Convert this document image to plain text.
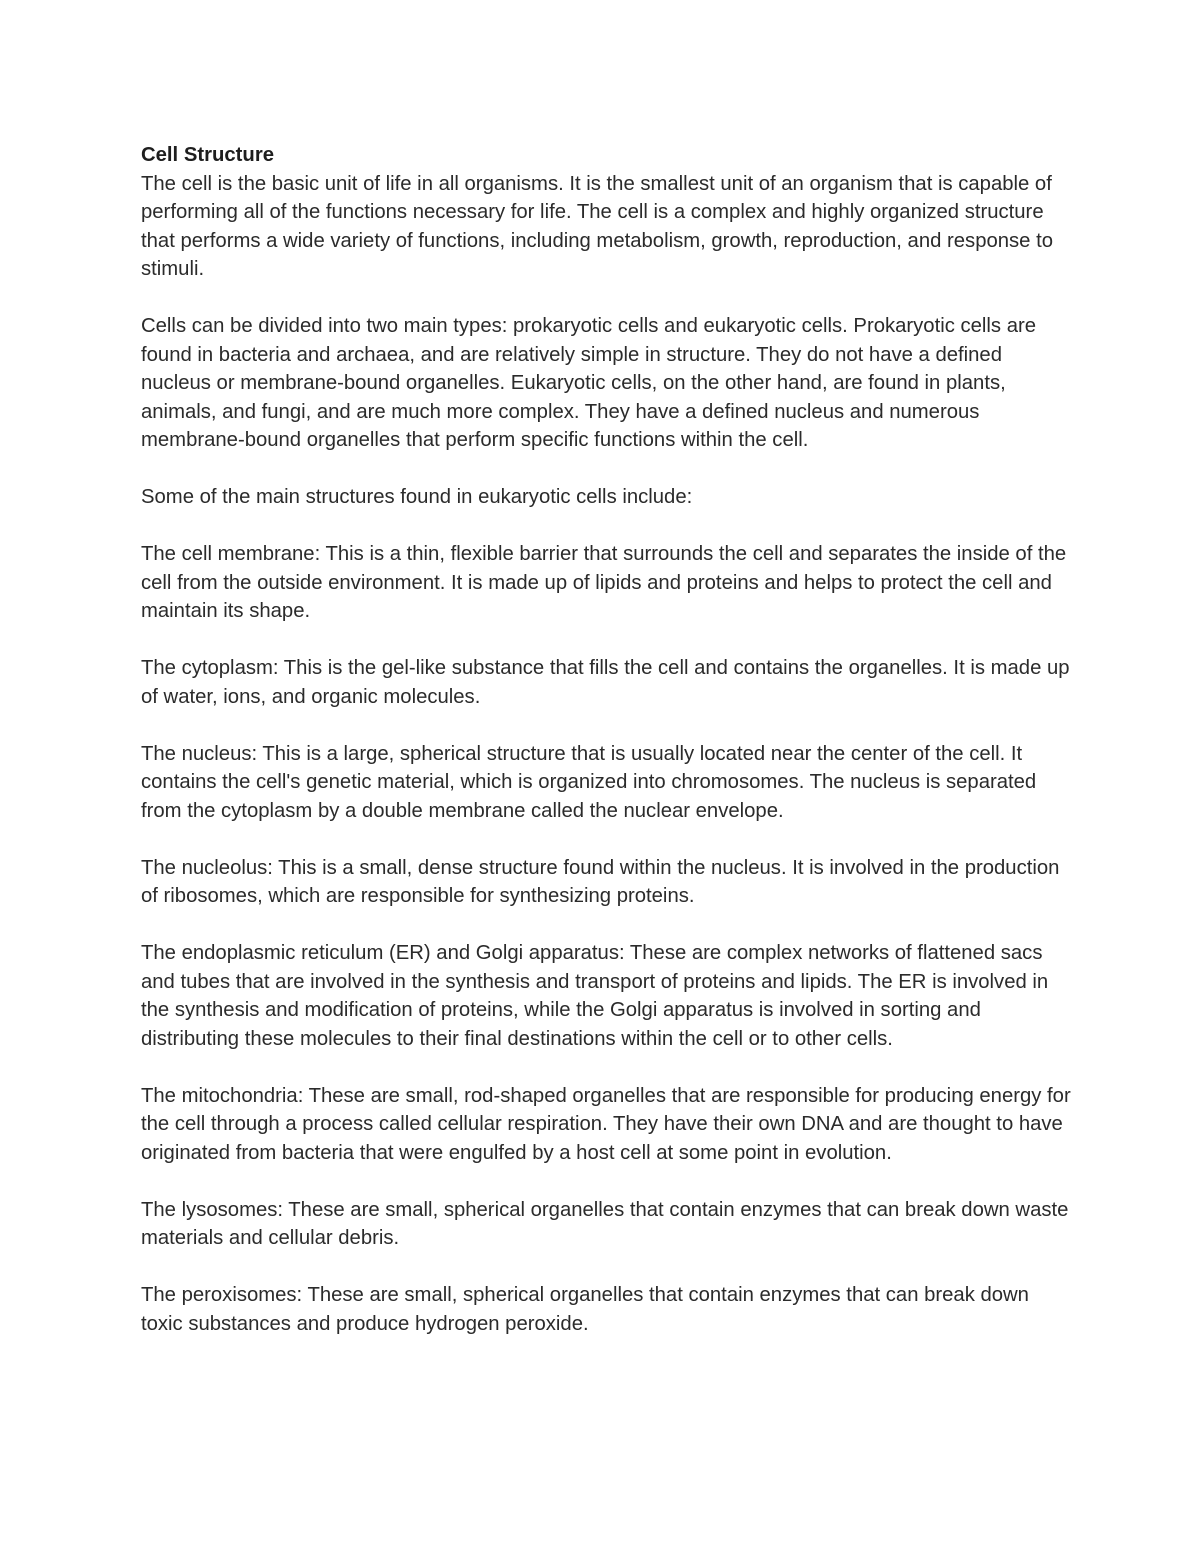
Cell Structure

The cell is the basic unit of life in all organisms. It is the smallest unit of an organism that is capable of performing all of the functions necessary for life. The cell is a complex and highly organized structure that performs a wide variety of functions, including metabolism, growth, reproduction, and response to stimuli.

Cells can be divided into two main types: prokaryotic cells and eukaryotic cells. Prokaryotic cells are found in bacteria and archaea, and are relatively simple in structure. They do not have a defined nucleus or membrane-bound organelles. Eukaryotic cells, on the other hand, are found in plants, animals, and fungi, and are much more complex. They have a defined nucleus and numerous membrane-bound organelles that perform specific functions within the cell.

Some of the main structures found in eukaryotic cells include:

The cell membrane: This is a thin, flexible barrier that surrounds the cell and separates the inside of the cell from the outside environment. It is made up of lipids and proteins and helps to protect the cell and maintain its shape.

The cytoplasm: This is the gel-like substance that fills the cell and contains the organelles. It is made up of water, ions, and organic molecules.

The nucleus: This is a large, spherical structure that is usually located near the center of the cell. It contains the cell's genetic material, which is organized into chromosomes. The nucleus is separated from the cytoplasm by a double membrane called the nuclear envelope.

The nucleolus: This is a small, dense structure found within the nucleus. It is involved in the production of ribosomes, which are responsible for synthesizing proteins.

The endoplasmic reticulum (ER) and Golgi apparatus: These are complex networks of flattened sacs and tubes that are involved in the synthesis and transport of proteins and lipids. The ER is involved in the synthesis and modification of proteins, while the Golgi apparatus is involved in sorting and distributing these molecules to their final destinations within the cell or to other cells.

The mitochondria: These are small, rod-shaped organelles that are responsible for producing energy for the cell through a process called cellular respiration. They have their own DNA and are thought to have originated from bacteria that were engulfed by a host cell at some point in evolution.

The lysosomes: These are small, spherical organelles that contain enzymes that can break down waste materials and cellular debris.

The peroxisomes: These are small, spherical organelles that contain enzymes that can break down toxic substances and produce hydrogen peroxide.
